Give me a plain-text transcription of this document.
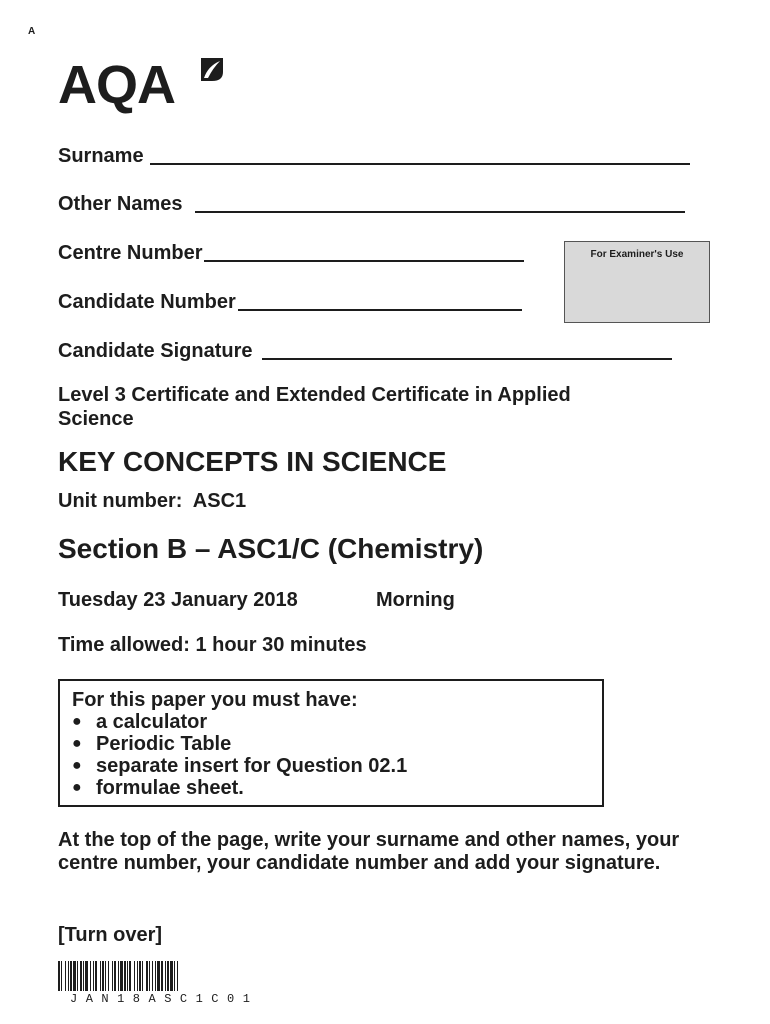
A
AQA
Surname
Other Names
Centre Number
Candidate Number
Candidate Signature
For Examiner's Use
Level 3 Certificate and Extended Certificate in Applied Science
KEY CONCEPTS IN SCIENCE
Unit number:  ASC1
Section B – ASC1/C (Chemistry)
Tuesday 23 January 2018	Morning
Time allowed: 1 hour 30 minutes
For this paper you must have:
● a calculator
● Periodic Table
● separate insert for Question 02.1
● formulae sheet.
At the top of the page, write your surname and other names, your centre number, your candidate number and add your signature.
[Turn over]
JAN18ASC1C01
